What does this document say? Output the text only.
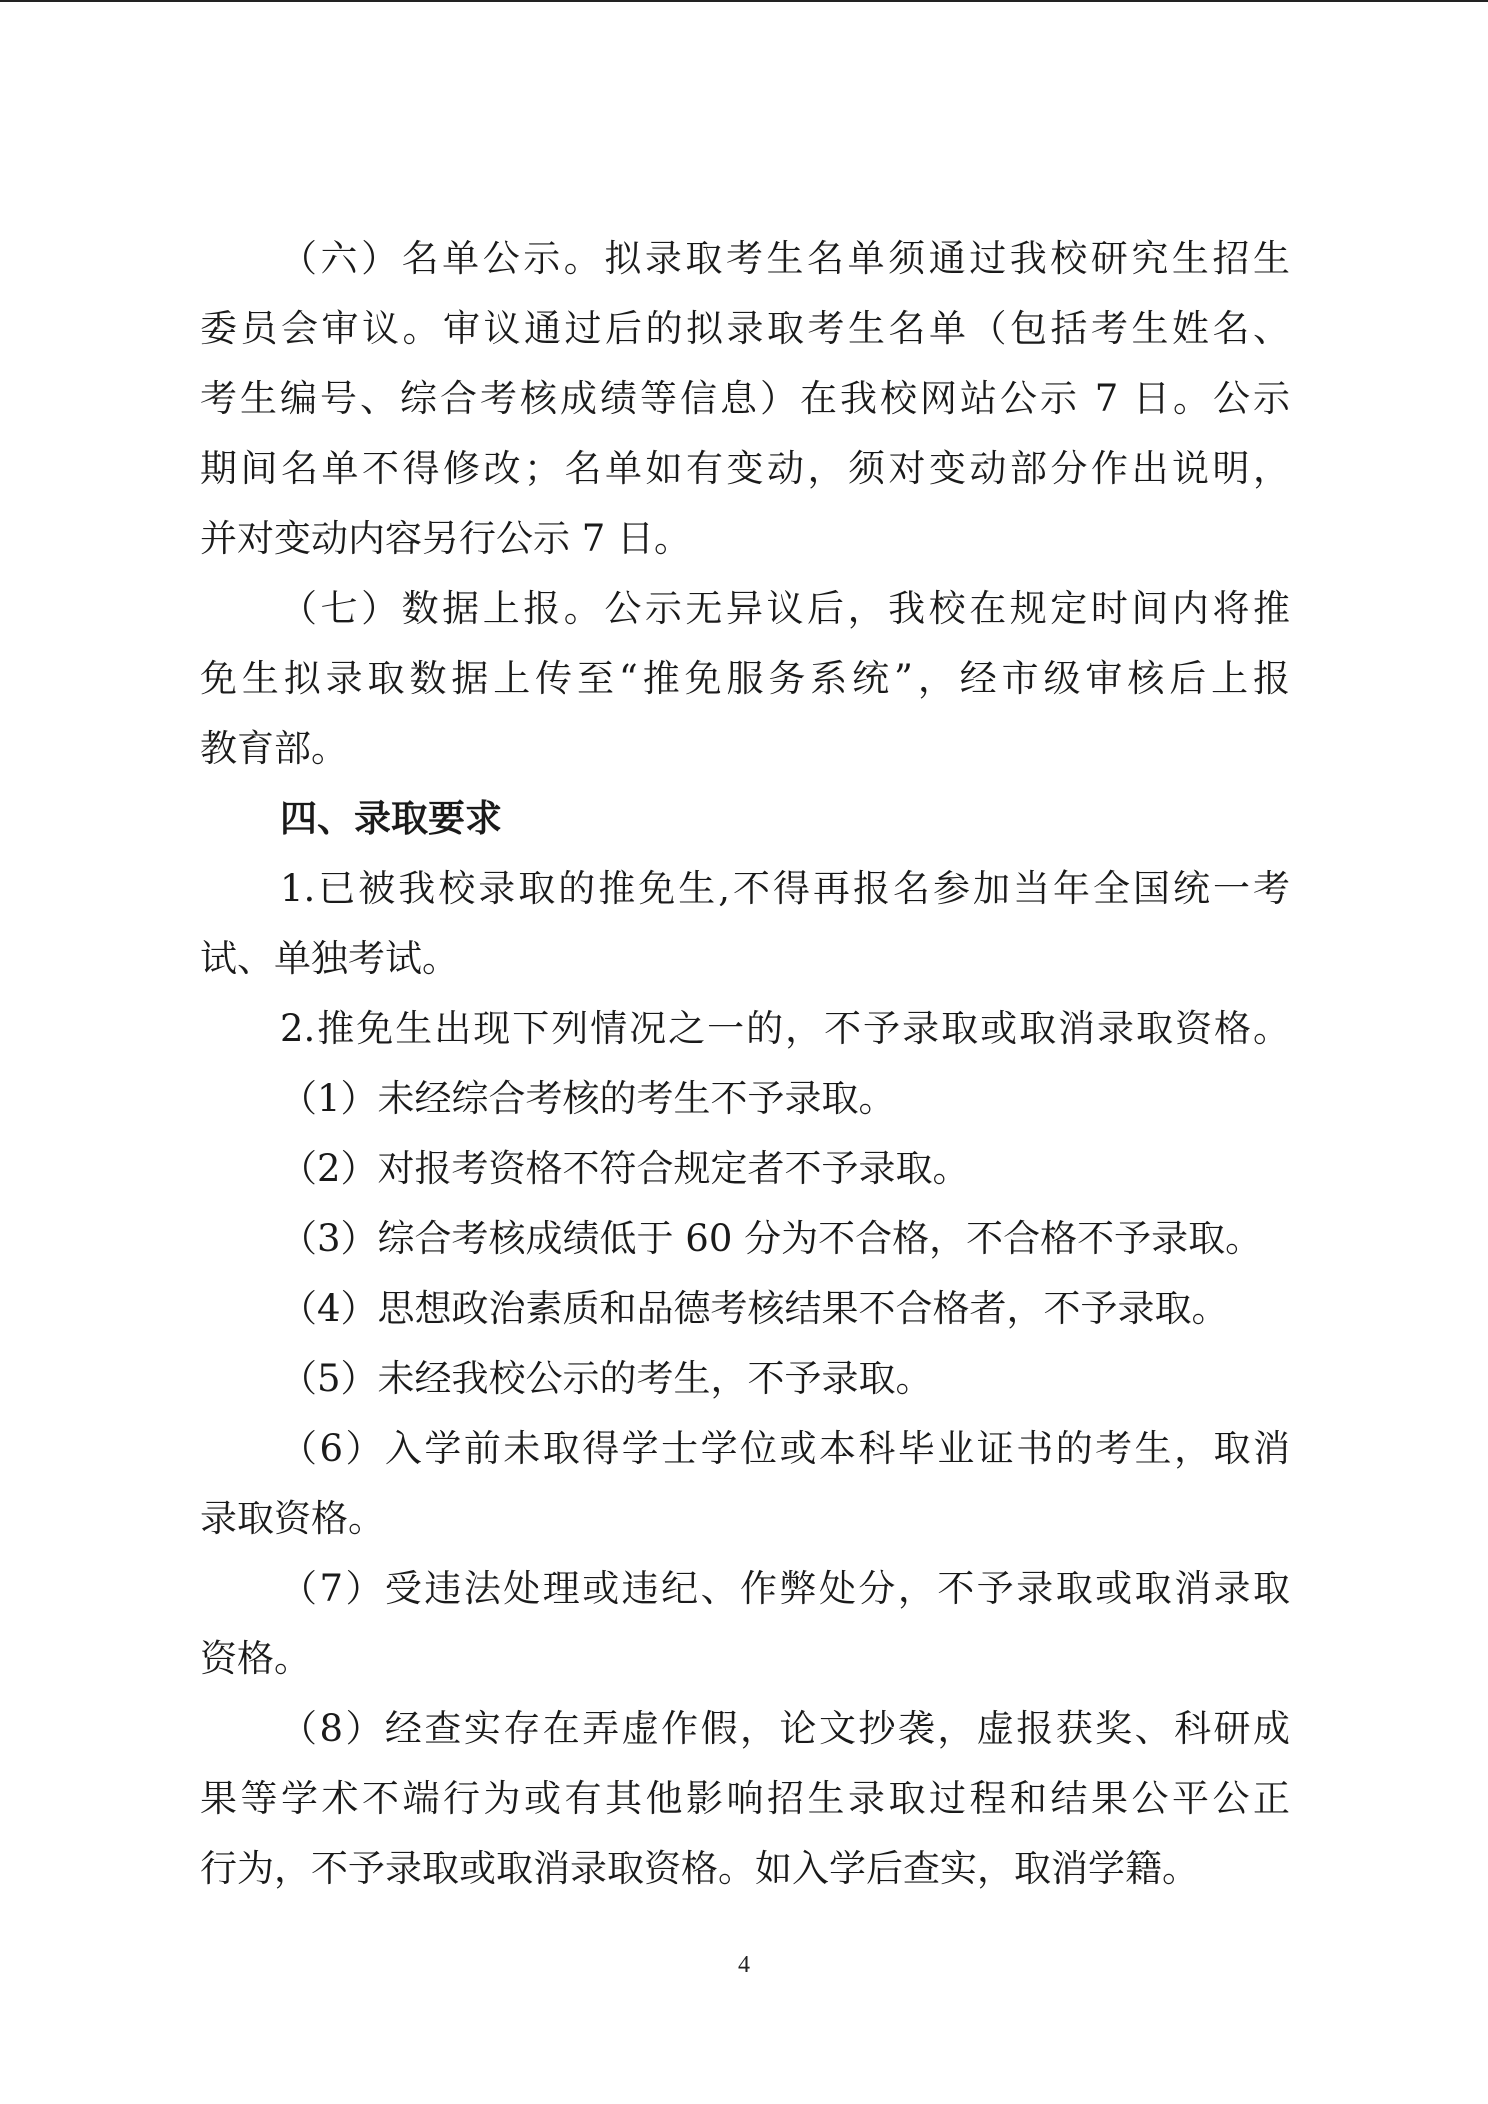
（六）名单公示。拟录取考生名单须通过我校研究生招生
委员会审议。审议通过后的拟录取考生名单（包括考生姓名、
考生编号、综合考核成绩等信息）在我校网站公示 7 日。公示
期间名单不得修改；名单如有变动，须对变动部分作出说明，
并对变动内容另行公示 7 日。
（七）数据上报。公示无异议后，我校在规定时间内将推
免生拟录取数据上传至“推免服务系统”，经市级审核后上报
教育部。
四、录取要求
1.已被我校录取的推免生,不得再报名参加当年全国统一考
试、单独考试。
2.推免生出现下列情况之一的，不予录取或取消录取资格。
（1）未经综合考核的考生不予录取。
（2）对报考资格不符合规定者不予录取。
（3）综合考核成绩低于 60 分为不合格，不合格不予录取。
（4）思想政治素质和品德考核结果不合格者，不予录取。
（5）未经我校公示的考生，不予录取。
（6）入学前未取得学士学位或本科毕业证书的考生，取消
录取资格。
（7）受违法处理或违纪、作弊处分，不予录取或取消录取
资格。
（8）经查实存在弄虚作假，论文抄袭，虚报获奖、科研成
果等学术不端行为或有其他影响招生录取过程和结果公平公正
行为，不予录取或取消录取资格。如入学后查实，取消学籍。
4
